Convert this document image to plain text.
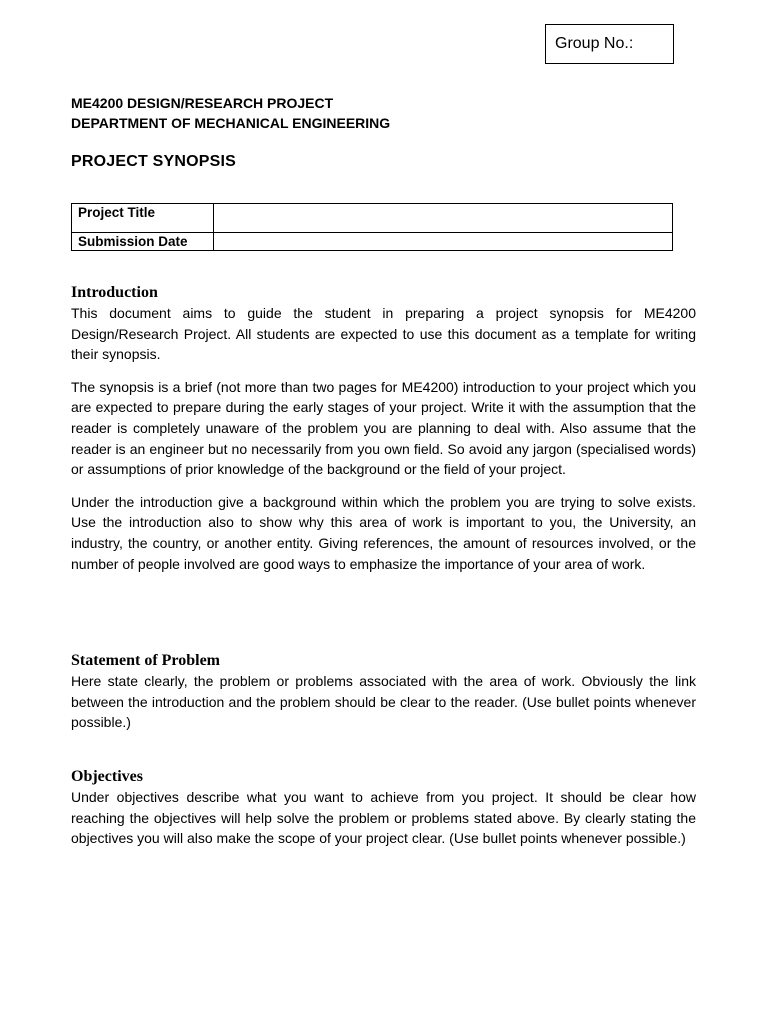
Group No.:
ME4200 DESIGN/RESEARCH PROJECT
DEPARTMENT OF MECHANICAL ENGINEERING
PROJECT SYNOPSIS
Project Title	
Submission Date	
Introduction

This document aims to guide the student in preparing a project synopsis for ME4200 Design/Research Project. All students are expected to use this document as a template for writing their synopsis.

The synopsis is a brief (not more than two pages for ME4200) introduction to your project which you are expected to prepare during the early stages of your project. Write it with the assumption that the reader is completely unaware of the problem you are planning to deal with. Also assume that the reader is an engineer but no necessarily from you own field. So avoid any jargon (specialised words) or assumptions of prior knowledge of the background or the field of your project.

Under the introduction give a background within which the problem you are trying to solve exists. Use the introduction also to show why this area of work is important to you, the University, an industry, the country, or another entity. Giving references, the amount of resources involved, or the number of people involved are good ways to emphasize the importance of your area of work.

Statement of Problem

Here state clearly, the problem or problems associated with the area of work. Obviously the link between the introduction and the problem should be clear to the reader. (Use bullet points whenever possible.)

Objectives

Under objectives describe what you want to achieve from you project. It should be clear how reaching the objectives will help solve the problem or problems stated above. By clearly stating the objectives you will also make the scope of your project clear. (Use bullet points whenever possible.)
